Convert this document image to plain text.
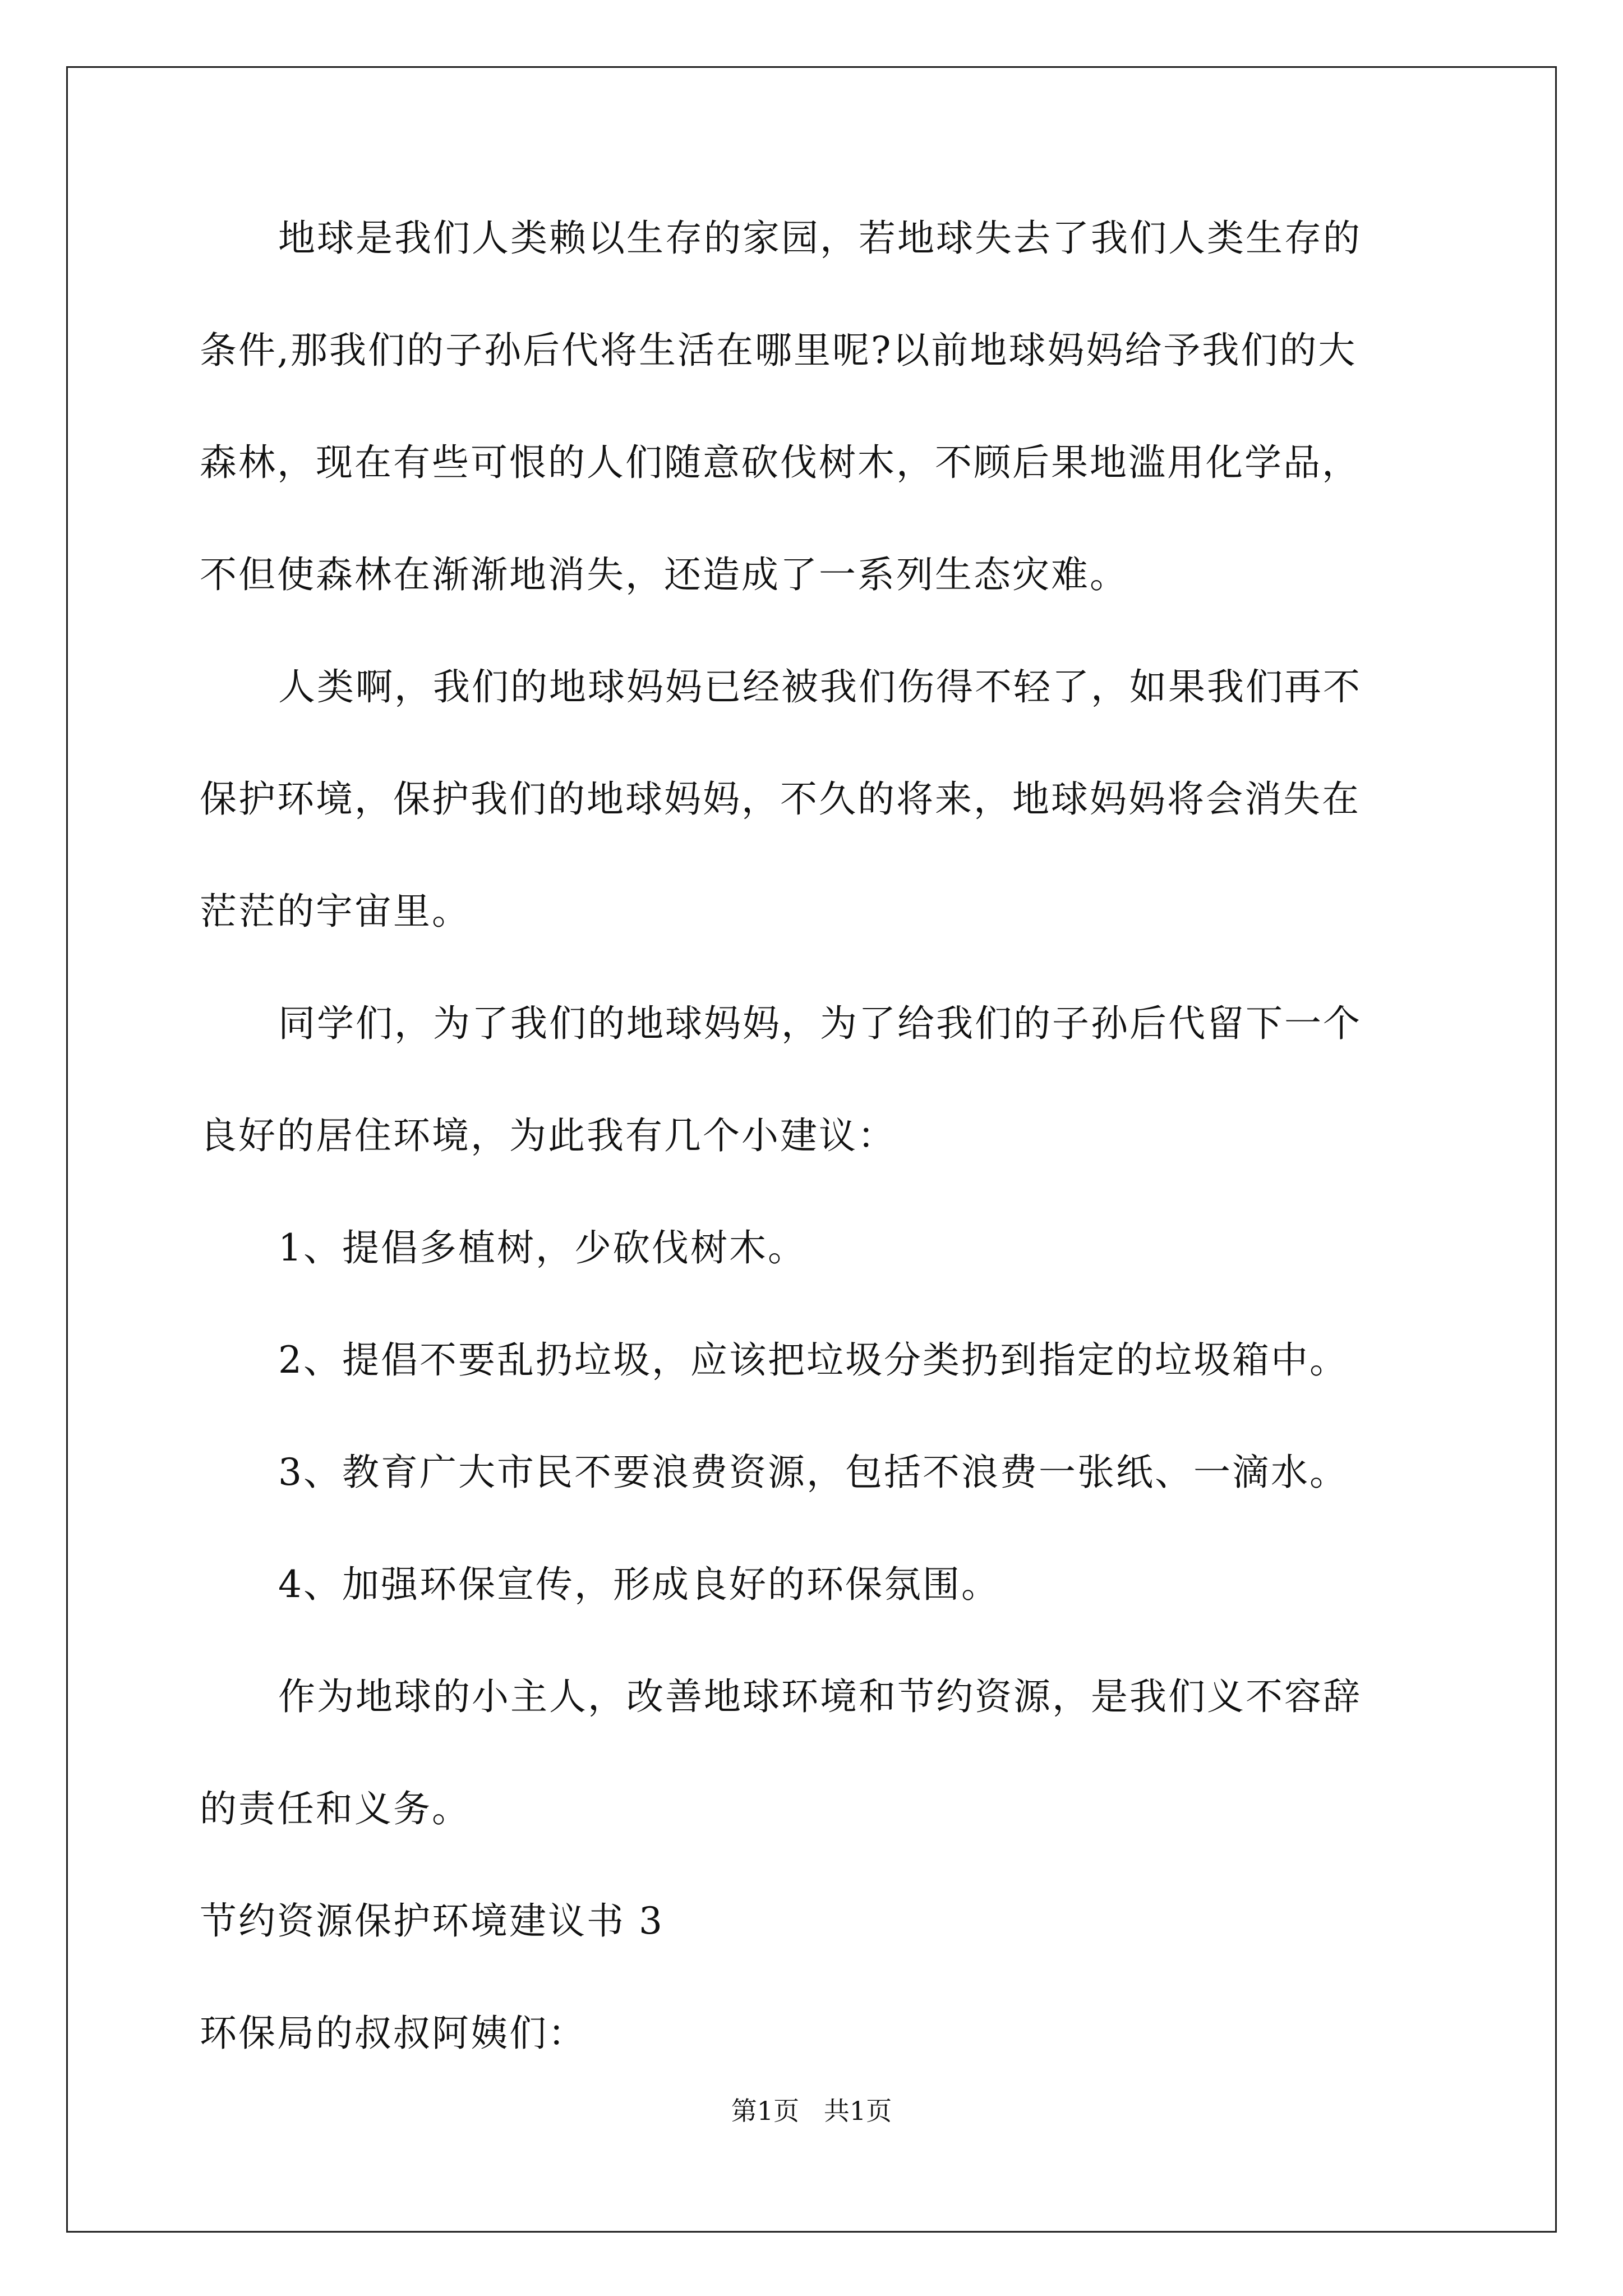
地球是我们人类赖以生存的家园，若地球失去了我们人类生存的
条件,那我们的子孙后代将生活在哪里呢?以前地球妈妈给予我们的大
森林，现在有些可恨的人们随意砍伐树木，不顾后果地滥用化学品，
不但使森林在渐渐地消失，还造成了一系列生态灾难。
人类啊，我们的地球妈妈已经被我们伤得不轻了，如果我们再不
保护环境，保护我们的地球妈妈，不久的将来，地球妈妈将会消失在
茫茫的宇宙里。
同学们，为了我们的地球妈妈，为了给我们的子孙后代留下一个
良好的居住环境，为此我有几个小建议：
1、提倡多植树，少砍伐树木。
2、提倡不要乱扔垃圾，应该把垃圾分类扔到指定的垃圾箱中。
3、教育广大市民不要浪费资源，包括不浪费一张纸、一滴水。
4、加强环保宣传，形成良好的环保氛围。
作为地球的小主人，改善地球环境和节约资源，是我们义不容辞
的责任和义务。
节约资源保护环境建议书 3
环保局的叔叔阿姨们：
第1页   共1页
